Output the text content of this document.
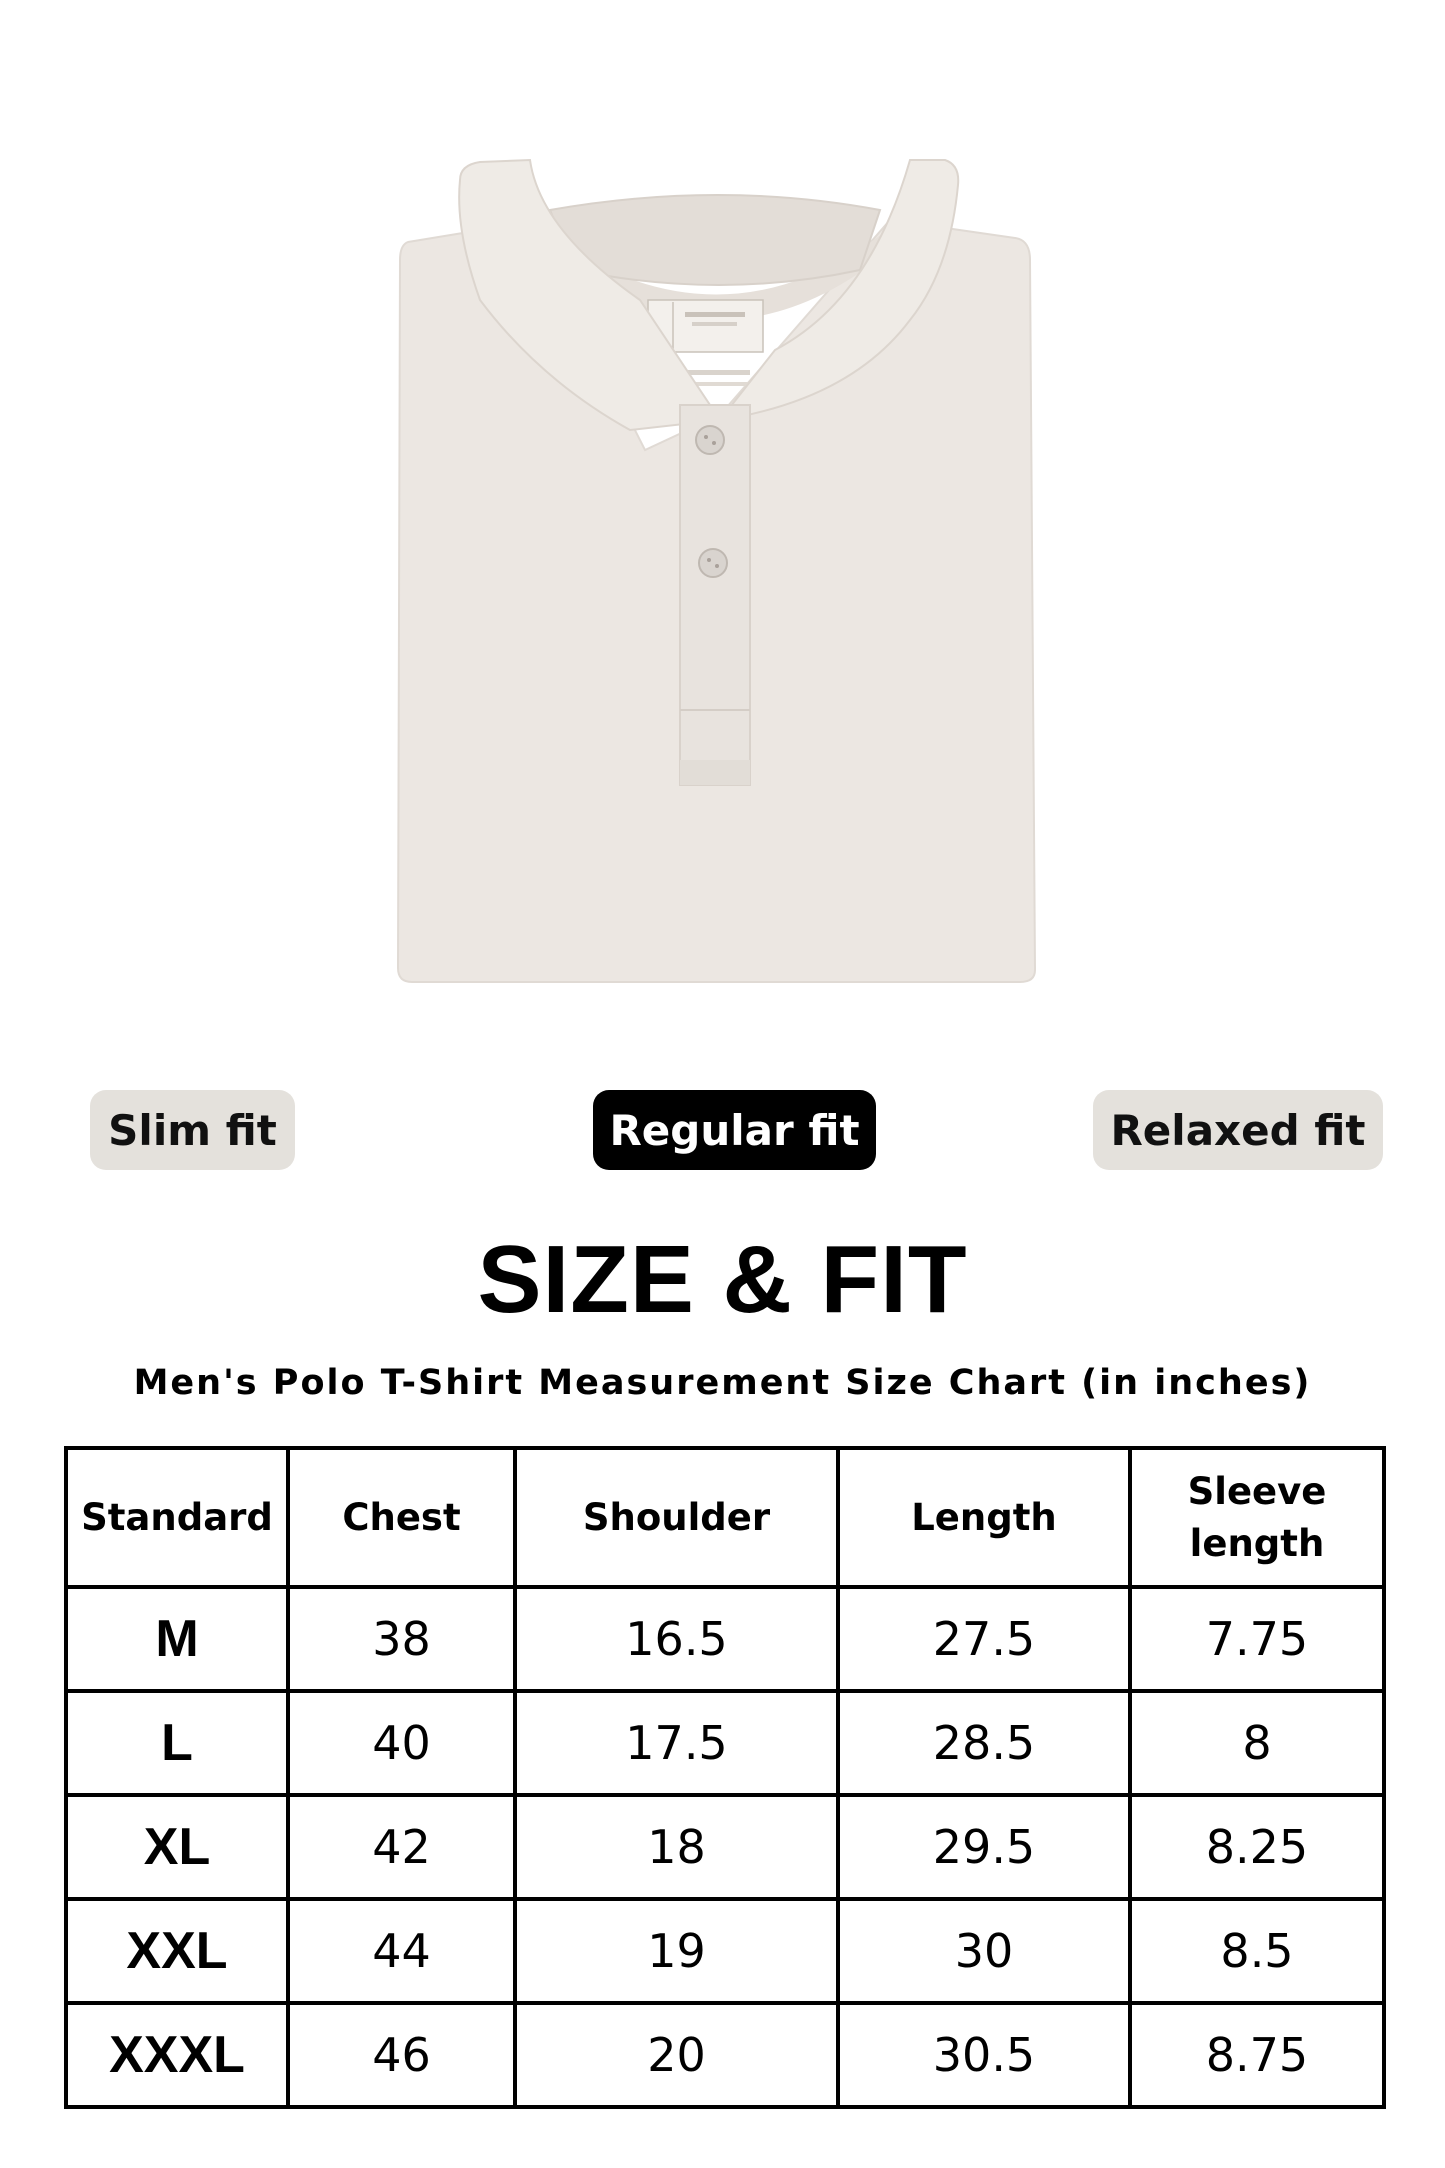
Slim fit	Regular fit	Relaxed fit
SIZE & FIT
Men's Polo T-Shirt Measurement Size Chart (in inches)
Standard	Chest	Shoulder	Length	Sleeve length
M	38	16.5	27.5	7.75
L	40	17.5	28.5	8
XL	42	18	29.5	8.25
XXL	44	19	30	8.5
XXXL	46	20	30.5	8.75
